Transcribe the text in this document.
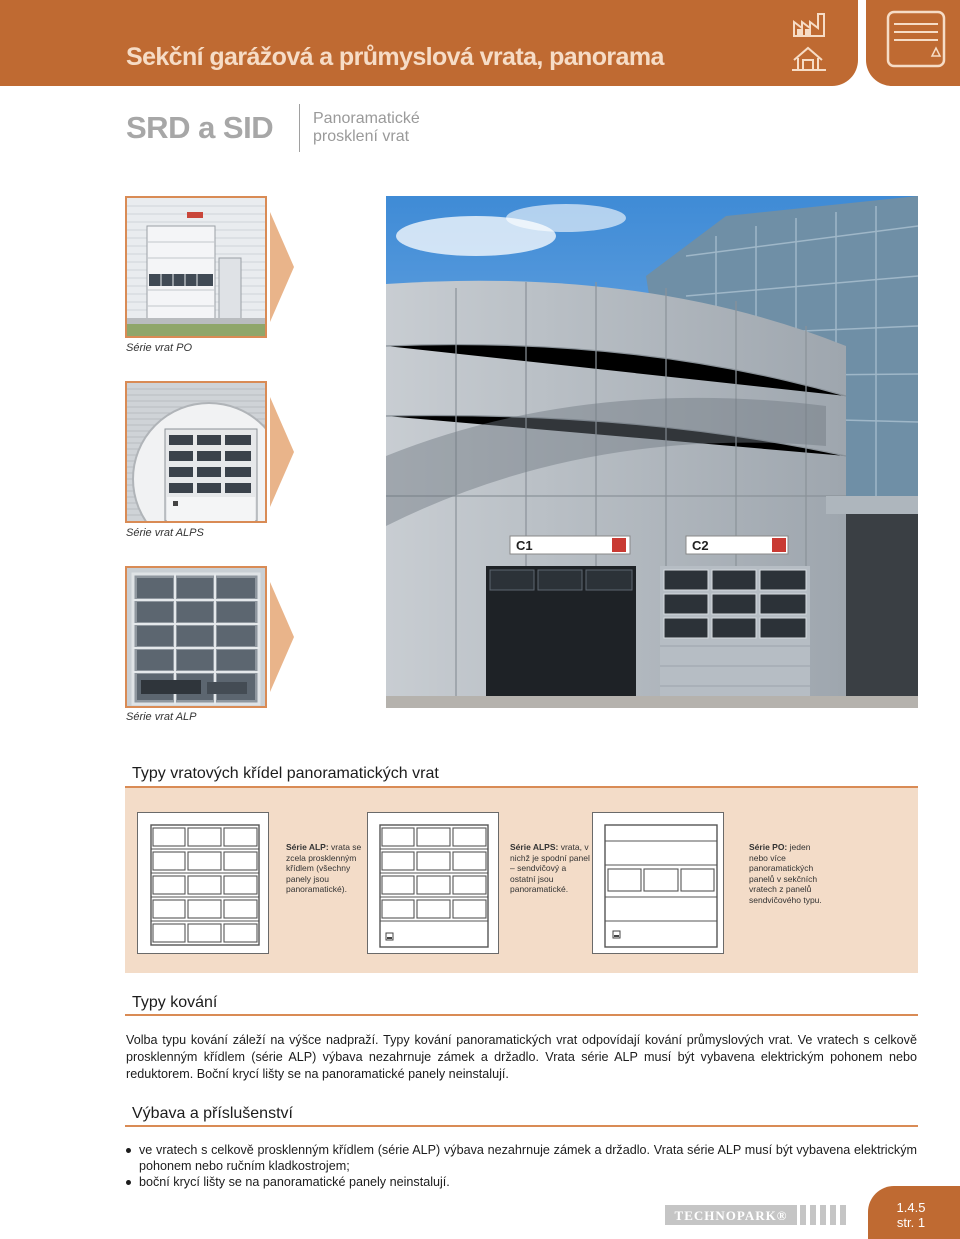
Sekční garážová a průmyslová vrata, panorama
SRD a SID Panoramatické
prosklení vrat
Série vrat PO
Série vrat ALPS
Série vrat ALP
C1	C2
Typy vratových křídel panoramatických vrat
Série ALP: vrata se zcela prosklenným křídlem (všechny panely jsou panoramatické).
Série ALPS: vrata, v nichž je spodní panel – sendvičový a ostatní jsou panoramatické.
Série PO: jeden nebo více panoramatických panelů v sekčních vratech z panelů sendvičového typu.
Typy kování
Volba typu kování záleží na výšce nadpraží. Typy kování panoramatických vrat odpovídají kování průmyslových vrat. Ve vratech s celkově prosklenným křídlem (série ALP) výbava nezahrnuje zámek a držadlo. Vrata série ALP musí být vybavena elektrickým pohonem nebo reduktorem. Boční krycí lišty se na panoramatické panely neinstalují.
Výbava a příslušenství
ve vratech s celkově prosklenným křídlem (série ALP) výbava nezahrnuje zámek a držadlo. Vrata série ALP musí být vybavena elektrickým pohonem nebo ručním kladkostrojem;
boční krycí lišty se na panoramatické panely neinstalují.
TECHNOPARK®
1.4.5
str. 1
